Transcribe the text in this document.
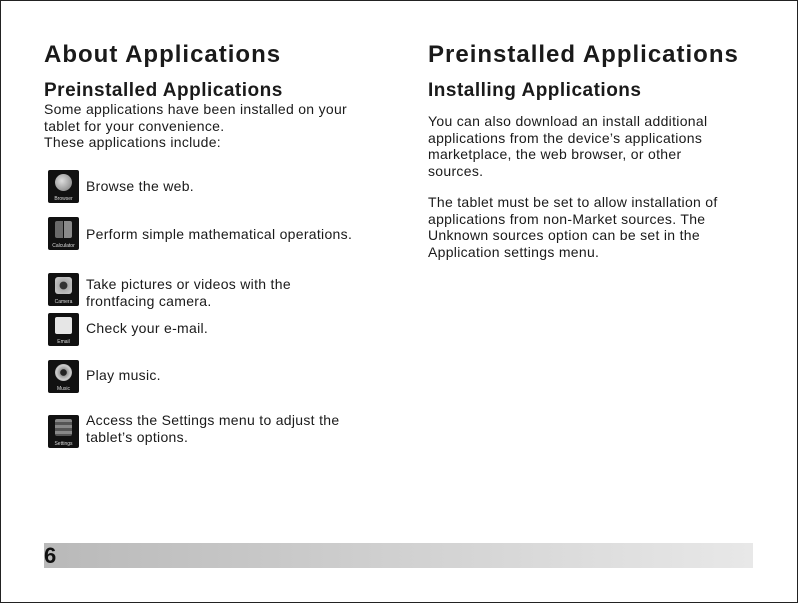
About Applications
Preinstalled Applications
Some applications have been installed on your
tablet for your convenience.
These applications include:
Browser
Browse the web.
Calculator
Perform simple mathematical operations.
Camera
Take pictures or videos with the
frontfacing camera.
Email
Check your e-mail.
Music
Play music.
Settings
Access the Settings menu to adjust the
tablet’s options.
Preinstalled Applications
Installing Applications
You can also download an install additional
applications from the device’s applications
marketplace, the web browser, or other
sources.
The tablet must be set to allow installation of
applications from non-Market sources. The
Unknown sources option can be set in the
Application settings menu.
6
